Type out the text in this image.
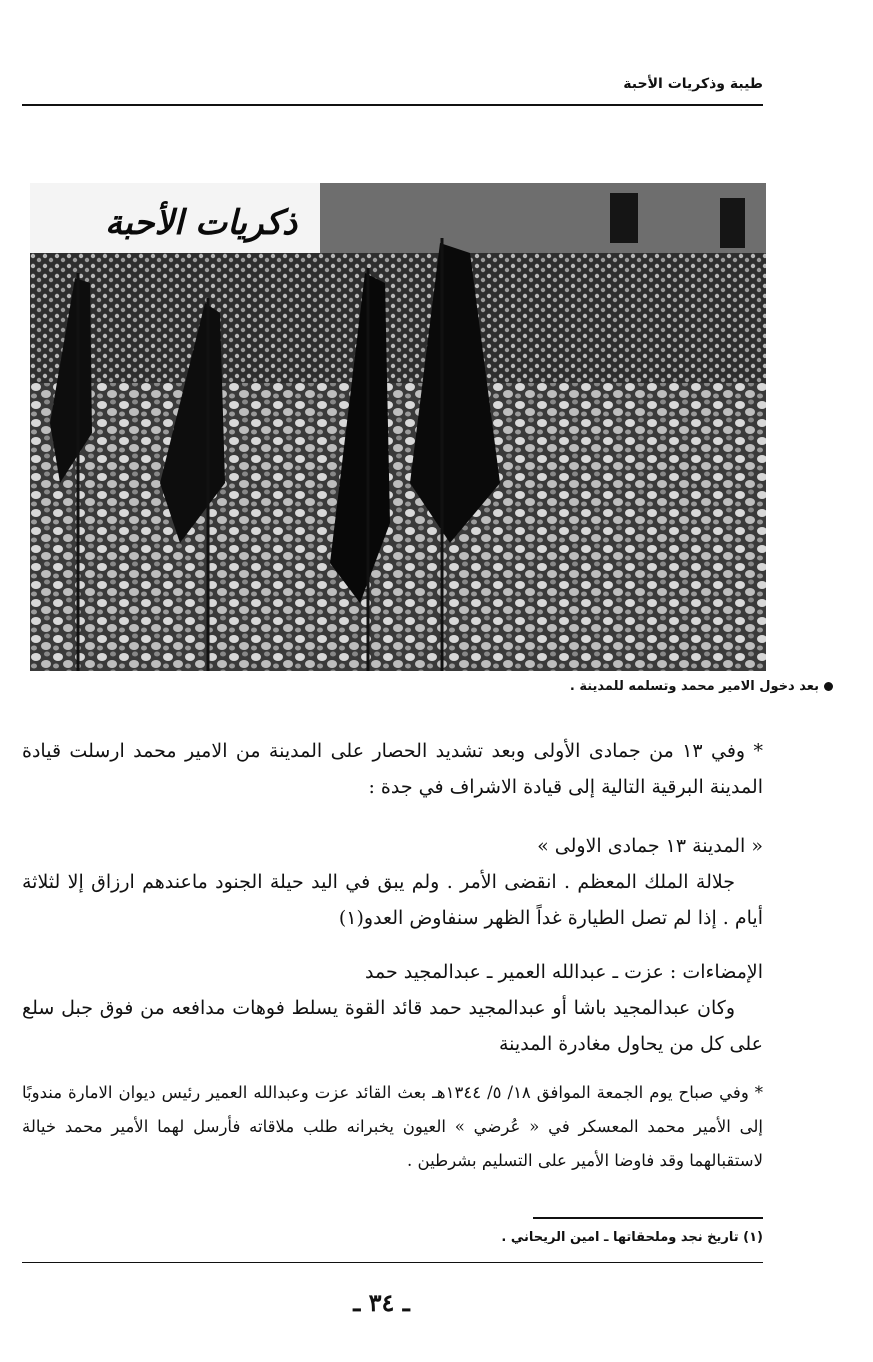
طيبة وذكريات الأحبة
ذكريات الأحبة
بعد دخول الامير محمد وتسلمه للمدينة .

* وفي ١٣ من جمادى الأولى وبعد تشديد الحصار على المدينة من الامير محمد ارسلت قيادة المدينة البرقية التالية إلى قيادة الاشراف في جدة :

« المدينة ١٣ جمادى الاولى »

جلالة الملك المعظم . انقضى الأمر . ولم يبق في اليد حيلة الجنود ماعندهم ارزاق إلا لثلاثة أيام . إذا لم تصل الطيارة غداً الظهر سنفاوض العدو(١)

الإمضاءات : عزت ـ عبدالله العمير ـ عبدالمجيد حمد

وكان عبدالمجيد باشا أو عبدالمجيد حمد قائد القوة يسلط فوهات مدافعه من فوق جبل سلع على كل من يحاول مغادرة المدينة

* وفي صباح يوم الجمعة الموافق ١٨/ ٥/ ١٣٤٤هـ بعث القائد عزت وعبدالله العمير رئيس ديوان الامارة مندوبًا إلى الأمير محمد المعسكر في « عُرضي » العيون يخبرانه طلب ملاقاته فأرسل لهما الأمير محمد خيالة لاستقبالهما وقد فاوضا الأمير على التسليم بشرطين .

(١) تاريخ نجد وملحقاتها ـ امين الريحاني .
ـ ٣٤ ـ
